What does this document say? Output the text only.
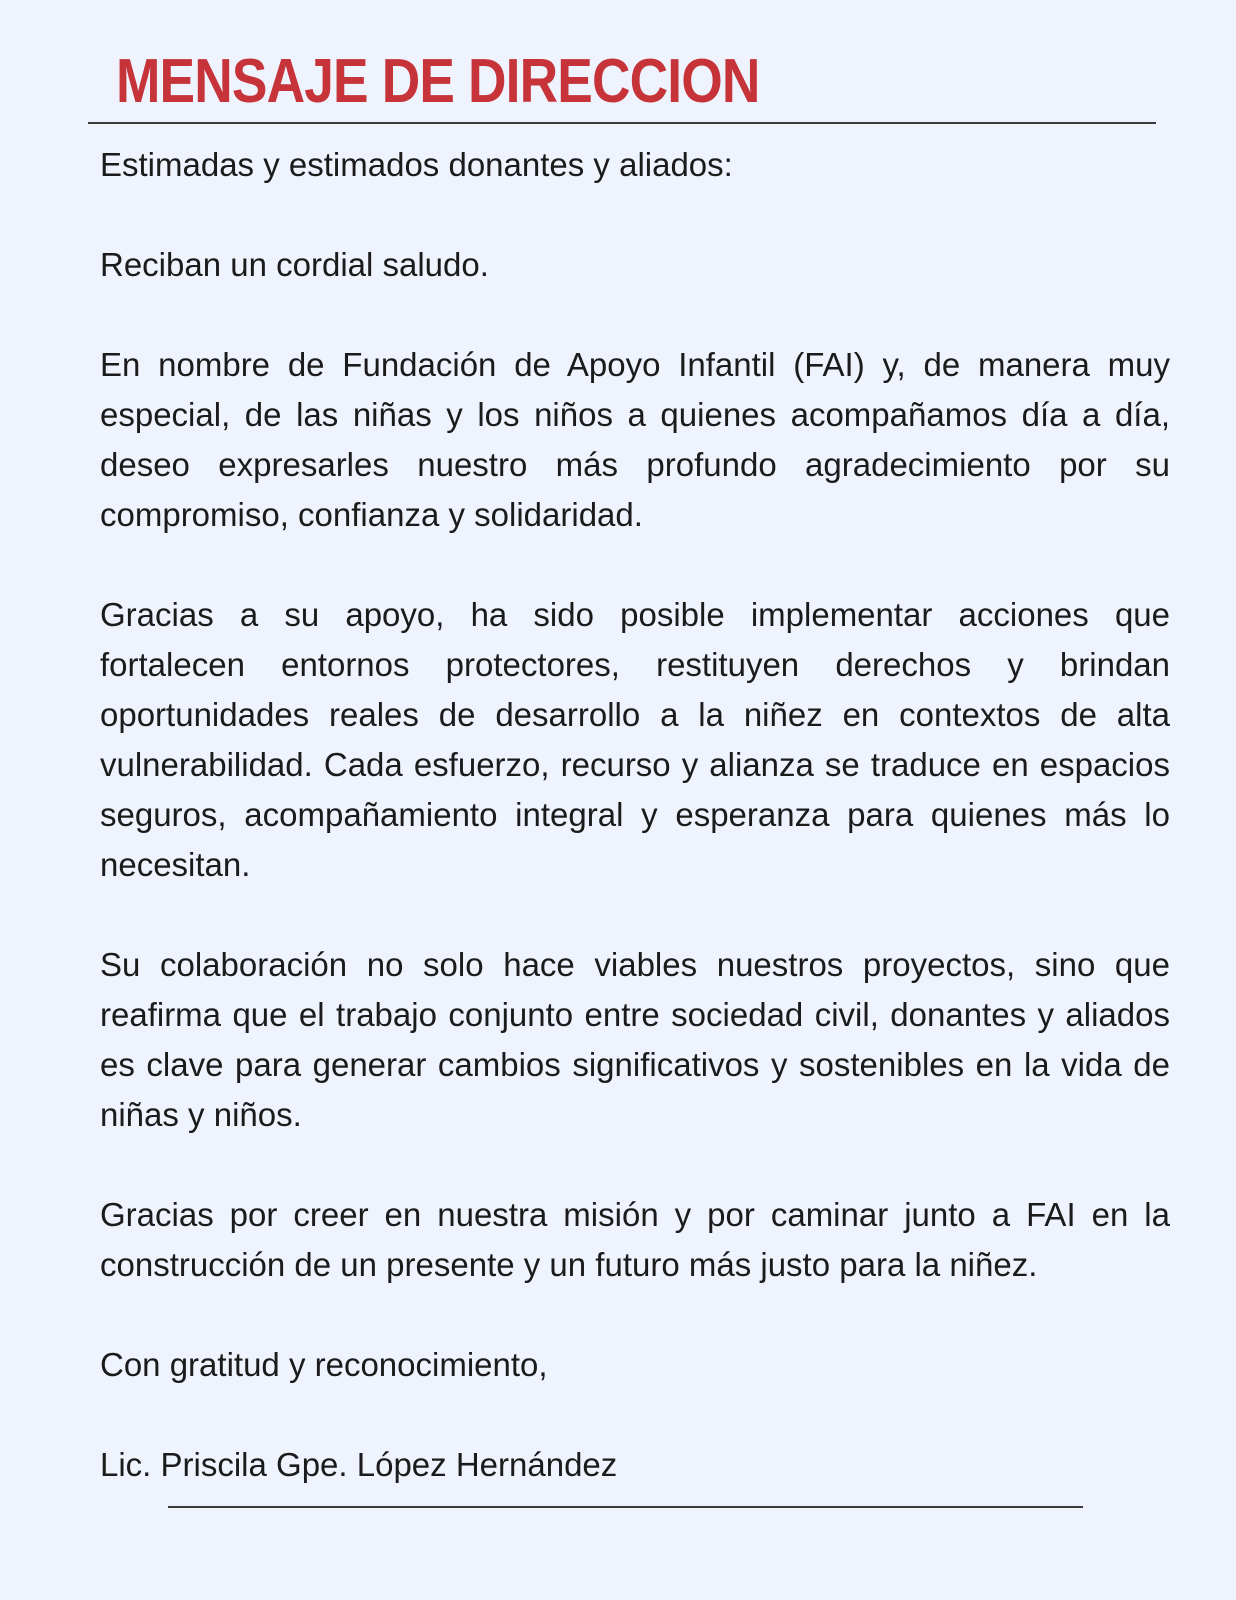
MENSAJE DE DIRECCION

Estimadas y estimados donantes y aliados:

Reciban un cordial saludo.

En nombre de Fundación de Apoyo Infantil (FAI) y, de manera muy especial, de las niñas y los niños a quienes acompañamos día a día, deseo expresarles nuestro más profundo agradecimiento por su compromiso, confianza y solidaridad.

Gracias a su apoyo, ha sido posible implementar acciones que fortalecen entornos protectores, restituyen derechos y brindan oportunidades reales de desarrollo a la niñez en contextos de alta vulnerabilidad. Cada esfuerzo, recurso y alianza se traduce en espacios seguros, acompañamiento integral y esperanza para quienes más lo necesitan.

Su colaboración no solo hace viables nuestros proyectos, sino que reafirma que el trabajo conjunto entre sociedad civil, donantes y aliados es clave para generar cambios significativos y sostenibles en la vida de niñas y niños.

Gracias por creer en nuestra misión y por caminar junto a FAI en la construcción de un presente y un futuro más justo para la niñez.

Con gratitud y reconocimiento,

Lic. Priscila Gpe. López Hernández
